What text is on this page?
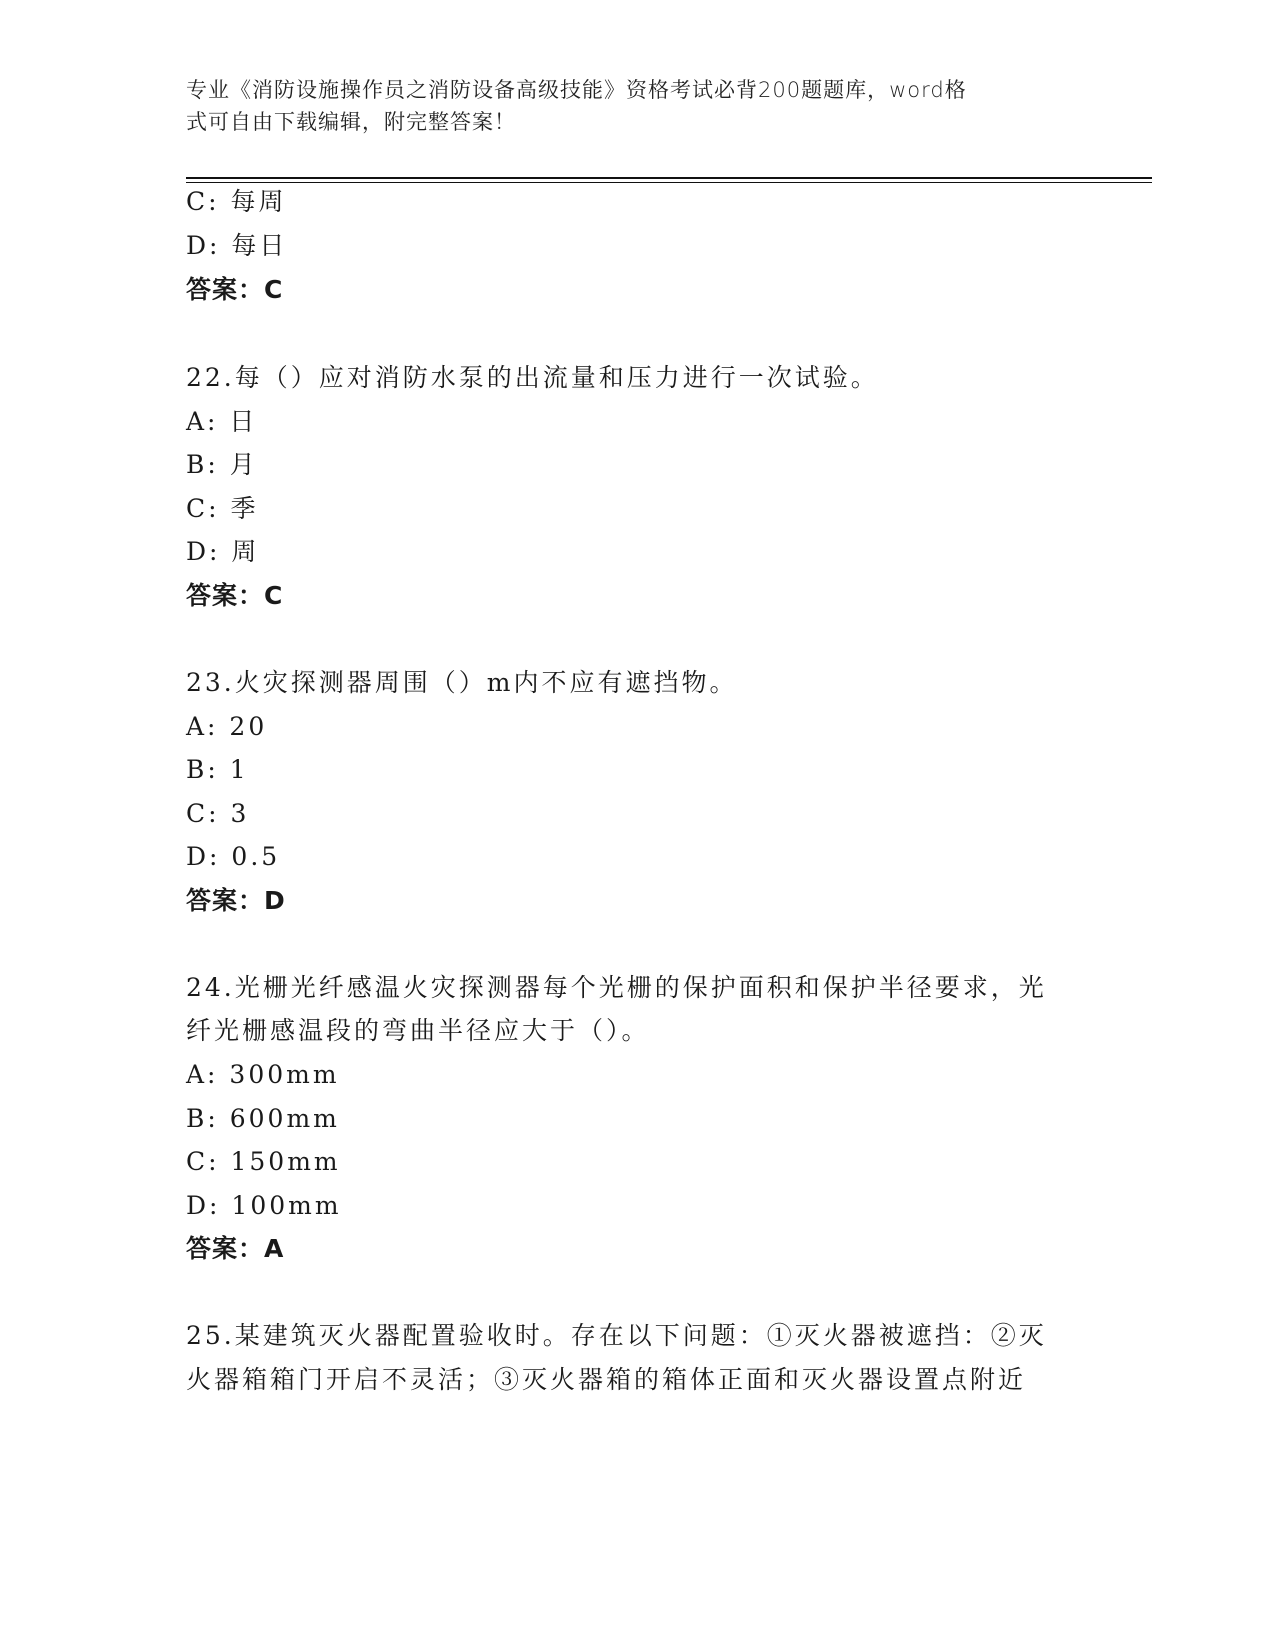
专业《消防设施操作员之消防设备高级技能》资格考试必背200题题库，word格
式可自由下载编辑，附完整答案！
C: 每周
D: 每日
答案：C
22.每（）应对消防水泵的出流量和压力进行一次试验。
A: 日
B: 月
C: 季
D: 周
答案：C
23.火灾探测器周围（）m内不应有遮挡物。
A: 20
B: 1
C: 3
D: 0.5
答案：D
24.光栅光纤感温火灾探测器每个光栅的保护面积和保护半径要求，光
纤光栅感温段的弯曲半径应大于（）。
A: 300mm
B: 600mm
C: 150mm
D: 100mm
答案：A
25.某建筑灭火器配置验收时。存在以下问题：①灭火器被遮挡：②灭
火器箱箱门开启不灵活；③灭火器箱的箱体正面和灭火器设置点附近
